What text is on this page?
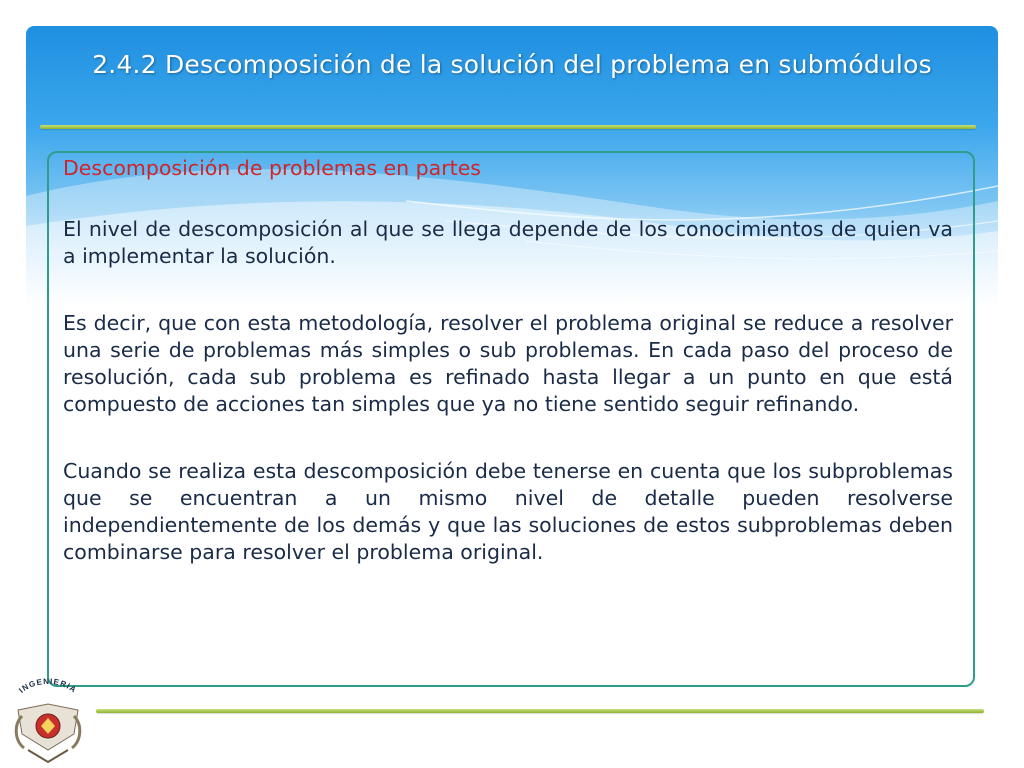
2.4.2 Descomposición de la solución del problema en submódulos

Descomposición de problemas en partes

El nivel de descomposición al que se llega depende de los conocimientos de quien va a implementar la solución.

Es decir, que con esta metodología, resolver el problema original se reduce a resolver una serie de problemas más simples o sub problemas. En cada paso del proceso de resolución, cada sub problema es refinado hasta llegar a un punto en que está compuesto de acciones tan simples que ya no tiene sentido seguir refinando.

Cuando se realiza esta descomposición debe tenerse en cuenta que los subproblemas que se encuentran a un mismo nivel de detalle pueden resolverse independientemente de los demás y que las soluciones de estos subproblemas deben combinarse para resolver el problema original.

INGENIERIA
